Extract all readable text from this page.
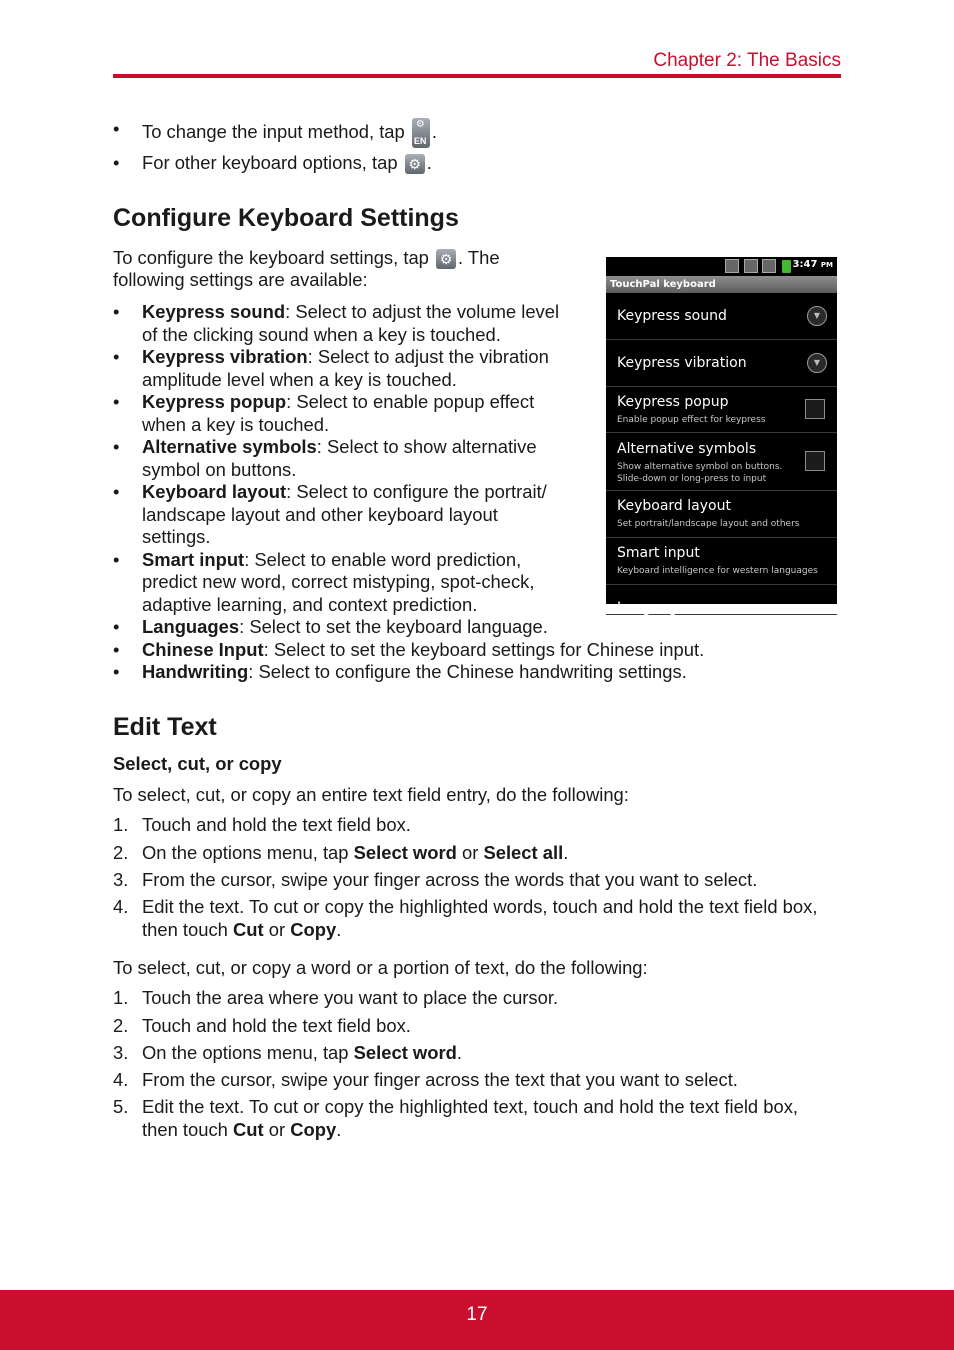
Chapter 2: The Basics
• To change the input method, tap ⚙
EN .
• For other keyboard options, tap ⚙ .
Configure Keyboard Settings
To configure the keyboard settings, tap ⚙ . The
following settings are available:
• Keypress sound: Select to adjust the volume level
of the clicking sound when a key is touched.
• Keypress vibration: Select to adjust the vibration
amplitude level when a key is touched.
• Keypress popup: Select to enable popup effect
when a key is touched.
• Alternative symbols: Select to show alternative
symbol on buttons.
• Keyboard layout: Select to configure the portrait/
landscape layout and other keyboard layout
settings.
• Smart input: Select to enable word prediction,
predict new word, correct mistyping, spot-check,
adaptive learning, and context prediction.
• Languages: Select to set the keyboard language.
• Chinese Input: Select to set the keyboard settings for Chinese input.
• Handwriting: Select to configure the Chinese handwriting settings.
3:47 PM
TouchPal keyboard
Keypress sound	▼
Keypress vibration	▼
Keypress popup
Enable popup effect for keypress
Alternative symbols
Show alternative symbol on buttons.
Slide-down or long-press to input
Keyboard layout
Set portrait/landscape layout and others
Smart input
Keyboard intelligence for western languages
Languages
Edit Text
Select, cut, or copy
To select, cut, or copy an entire text field entry, do the following:
1. Touch and hold the text field box.
2. On the options menu, tap Select word or Select all.
3. From the cursor, swipe your finger across the words that you want to select.
4. Edit the text. To cut or copy the highlighted words, touch and hold the text field box,
then touch Cut or Copy.
To select, cut, or copy a word or a portion of text, do the following:
1. Touch the area where you want to place the cursor.
2. Touch and hold the text field box.
3. On the options menu, tap Select word.
4. From the cursor, swipe your finger across the text that you want to select.
5. Edit the text. To cut or copy the highlighted text, touch and hold the text field box,
then touch Cut or Copy.
17
